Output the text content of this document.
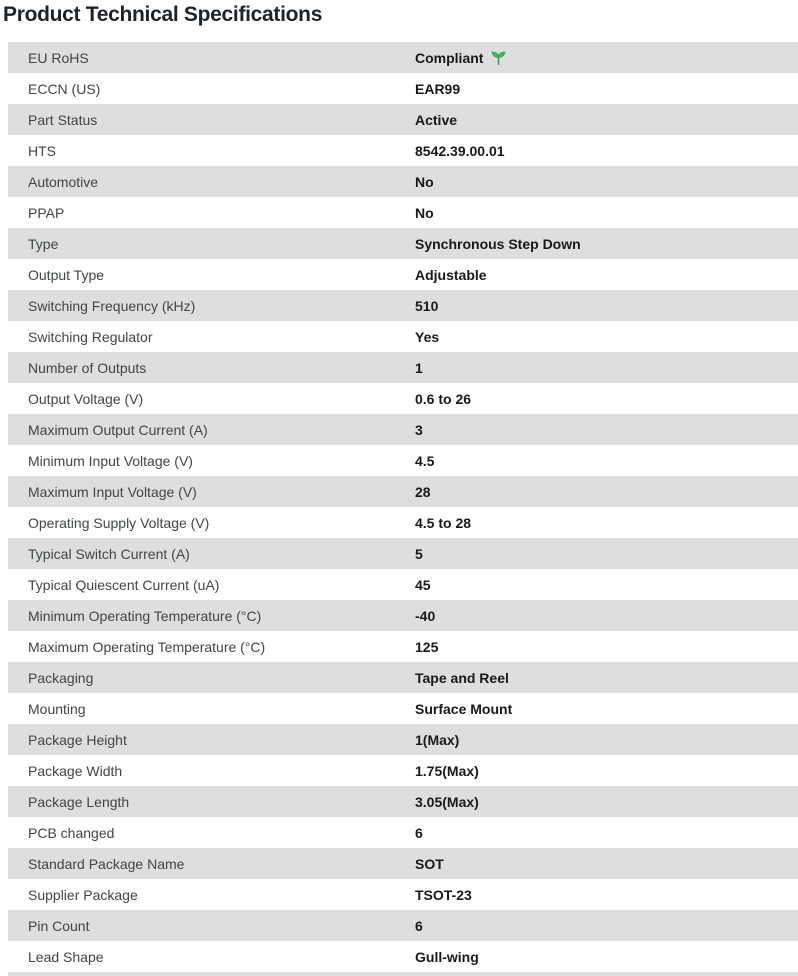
Product Technical Specifications
EU RoHS	Compliant
ECCN (US)	EAR99
Part Status	Active
HTS	8542.39.00.01
Automotive	No
PPAP	No
Type	Synchronous Step Down
Output Type	Adjustable
Switching Frequency (kHz)	510
Switching Regulator	Yes
Number of Outputs	1
Output Voltage (V)	0.6 to 26
Maximum Output Current (A)	3
Minimum Input Voltage (V)	4.5
Maximum Input Voltage (V)	28
Operating Supply Voltage (V)	4.5 to 28
Typical Switch Current (A)	5
Typical Quiescent Current (uA)	45
Minimum Operating Temperature (°C)	-40
Maximum Operating Temperature (°C)	125
Packaging	Tape and Reel
Mounting	Surface Mount
Package Height	1(Max)
Package Width	1.75(Max)
Package Length	3.05(Max)
PCB changed	6
Standard Package Name	SOT
Supplier Package	TSOT-23
Pin Count	6
Lead Shape	Gull-wing
